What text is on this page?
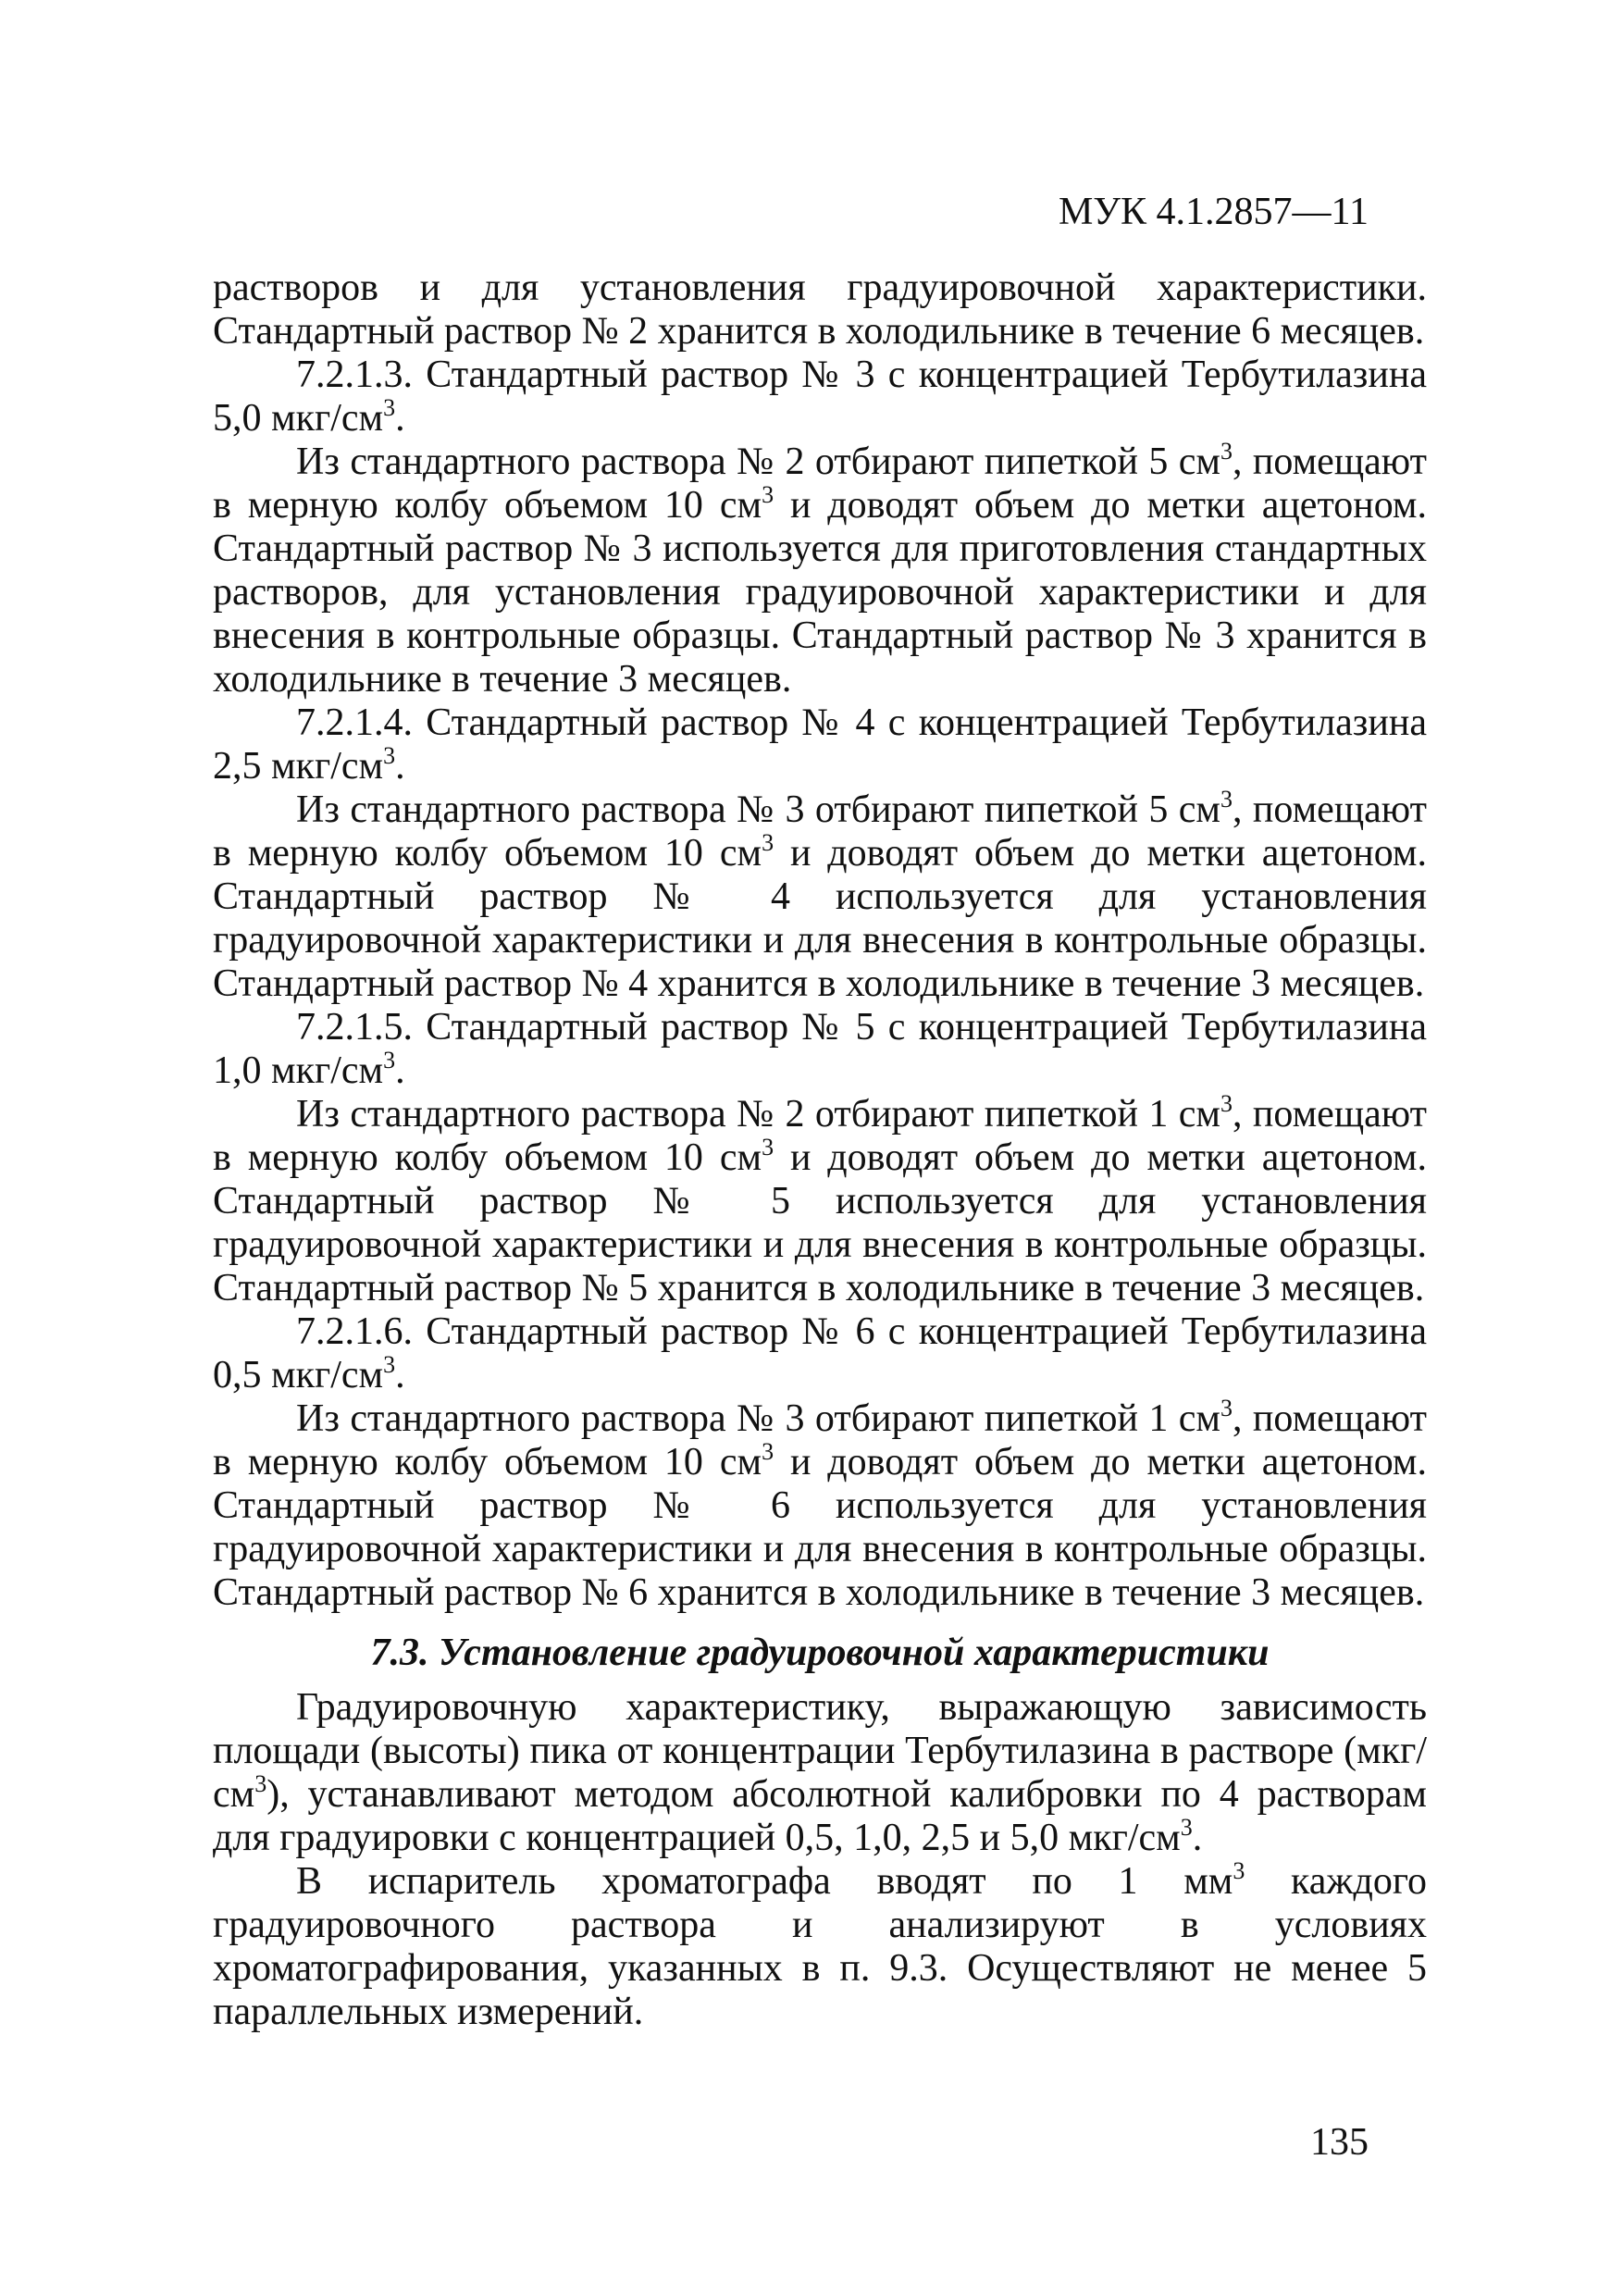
МУК 4.1.2857—11

растворов и для установления градуировочной характеристики. Стандартный раствор № 2 хранится в холодильнике в течение 6 месяцев.

7.2.1.3. Стандартный раствор № 3 с концентрацией Тербутилазина 5,0 мкг/$см^3$.

Из стандартного раствора № 2 отбирают пипеткой 5 $см^3$, помещают в мерную колбу объемом 10 $см^3$ и доводят объем до метки ацетоном. Стандартный раствор № 3 используется для приготовления стандартных растворов, для установления градуировочной характеристики и для внесения в контрольные образцы. Стандартный раствор № 3 хранится в холодильнике в течение 3 месяцев.

7.2.1.4. Стандартный раствор № 4 с концентрацией Тербутилазина 2,5 мкг/$см^3$.

Из стандартного раствора № 3 отбирают пипеткой 5 $см^3$, помещают в мерную колбу объемом 10 $см^3$ и доводят объем до метки ацетоном. Стандартный раствор № 4 используется для установления градуировочной характеристики и для внесения в контрольные образцы. Стандартный раствор № 4 хранится в холодильнике в течение 3 месяцев.

7.2.1.5. Стандартный раствор № 5 с концентрацией Тербутилазина 1,0 мкг/$см^3$.

Из стандартного раствора № 2 отбирают пипеткой 1 $см^3$, помещают в мерную колбу объемом 10 $см^3$ и доводят объем до метки ацетоном. Стандартный раствор № 5 используется для установления градуировочной характеристики и для внесения в контрольные образцы. Стандартный раствор № 5 хранится в холодильнике в течение 3 месяцев.

7.2.1.6. Стандартный раствор № 6 с концентрацией Тербутилазина 0,5 мкг/$см^3$.

Из стандартного раствора № 3 отбирают пипеткой 1 $см^3$, помещают в мерную колбу объемом 10 $см^3$ и доводят объем до метки ацетоном. Стандартный раствор № 6 используется для установления градуировочной характеристики и для внесения в контрольные образцы. Стандартный раствор № 6 хранится в холодильнике в течение 3 месяцев.

7.3. Установление градуировочной характеристики

Градуировочную характеристику, выражающую зависимость площади (высоты) пика от концентрации Тербутилазина в растворе $(мкг/см^3)$, устанавливают методом абсолютной калибровки по 4 растворам для градуировки с концентрацией 0,5, 1,0, 2,5 и 5,0 мкг/$см^3$.

В испаритель хроматографа вводят по 1 $мм^3$ каждого градуировочного раствора и анализируют в условиях хроматографирования, указанных в п. 9.3. Осуществляют не менее 5 параллельных измерений.

135
